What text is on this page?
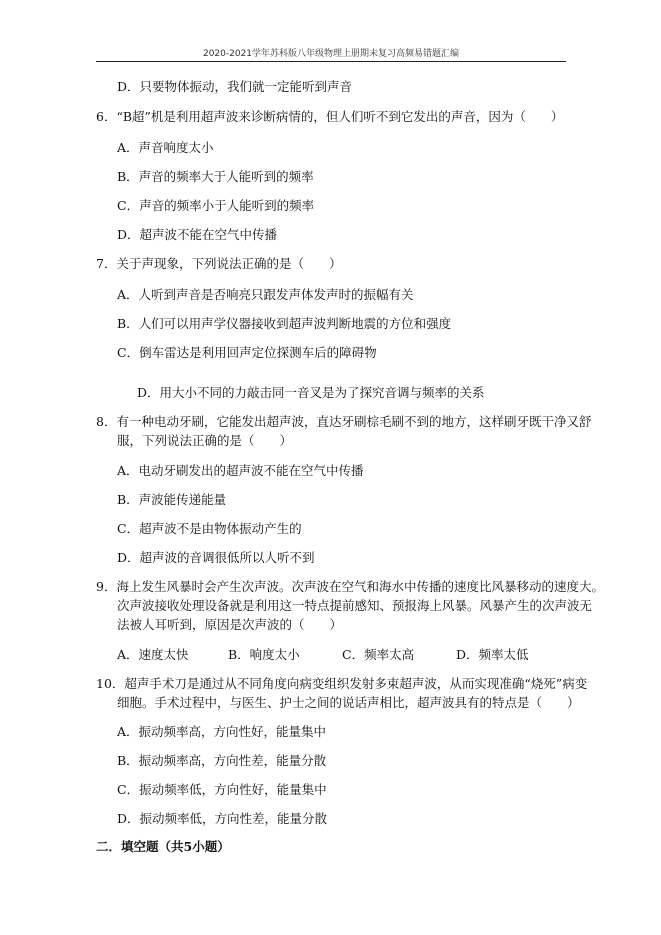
2020-2021学年苏科版八年级物理上册期末复习高频易错题汇编
D．只要物体振动，我们就一定能听到声音
6．“B超”机是利用超声波来诊断病情的，但人们听不到它发出的声音，因为（　　）
A．声音响度太小
B．声音的频率大于人能听到的频率
C．声音的频率小于人能听到的频率
D．超声波不能在空气中传播
7．关于声现象，下列说法正确的是（　　）
A．人听到声音是否响亮只跟发声体发声时的振幅有关
B．人们可以用声学仪器接收到超声波判断地震的方位和强度
C．倒车雷达是利用回声定位探测车后的障碍物
D．用大小不同的力敲击同一音叉是为了探究音调与频率的关系
8．有一种电动牙刷，它能发出超声波，直达牙刷棕毛刷不到的地方，这样刷牙既干净又舒
服，下列说法正确的是（　　）
A．电动牙刷发出的超声波不能在空气中传播
B．声波能传递能量
C．超声波不是由物体振动产生的
D．超声波的音调很低所以人听不到
9．海上发生风暴时会产生次声波。次声波在空气和海水中传播的速度比风暴移动的速度大。
次声波接收处理设备就是利用这一特点提前感知、预报海上风暴。风暴产生的次声波无
法被人耳听到，原因是次声波的（　　）
A．速度太快	B．响度太小	C．频率太高	D．频率太低
10．超声手术刀是通过从不同角度向病变组织发射多束超声波，从而实现准确“烧死”病变
细胞。手术过程中，与医生、护士之间的说话声相比，超声波具有的特点是（　　）
A．振动频率高，方向性好，能量集中
B．振动频率高，方向性差，能量分散
C．振动频率低，方向性好，能量集中
D．振动频率低，方向性差，能量分散
二．填空题（共5小题）
